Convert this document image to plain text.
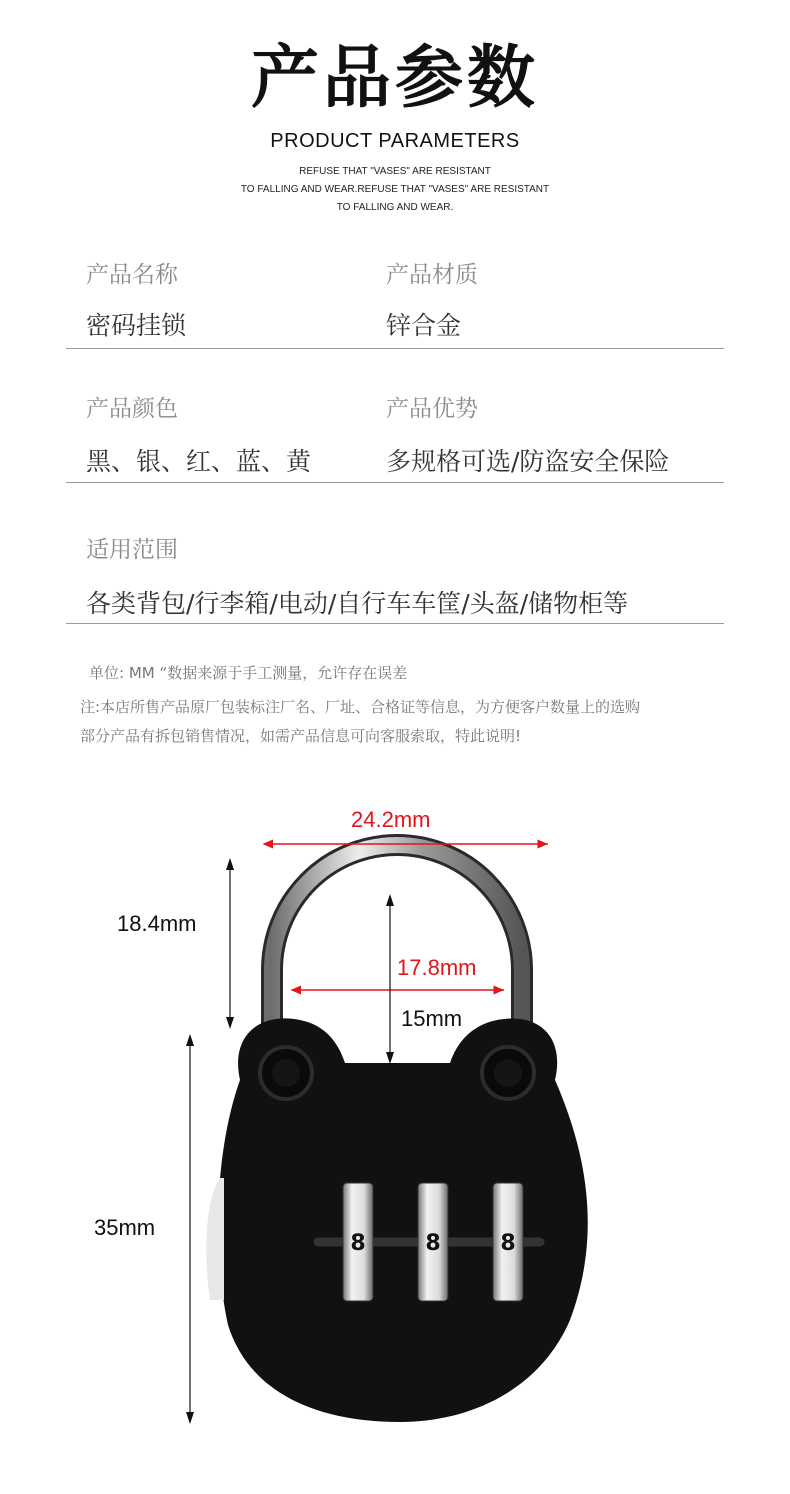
产品参数
PRODUCT PARAMETERS
REFUSE THAT "VASES" ARE RESISTANT
TO FALLING AND WEAR.REFUSE THAT "VASES" ARE RESISTANT
TO FALLING AND WEAR.
产品名称
密码挂锁
产品材质
锌合金
产品颜色
黑、银、红、蓝、黄
产品优势
多规格可选/防盗安全保险
适用范围
各类背包/行李箱/电动/自行车车筐/头盔/储物柜等
单位: MM “数据来源于手工测量，允许存在误差
注:本店所售产品原厂包装标注厂名、厂址、合格证等信息，为方便客户数量上的选购
部分产品有拆包销售情况，如需产品信息可向客服索取，特此说明!
8	8	8
24.2mm
18.4mm
17.8mm
15mm
35mm
